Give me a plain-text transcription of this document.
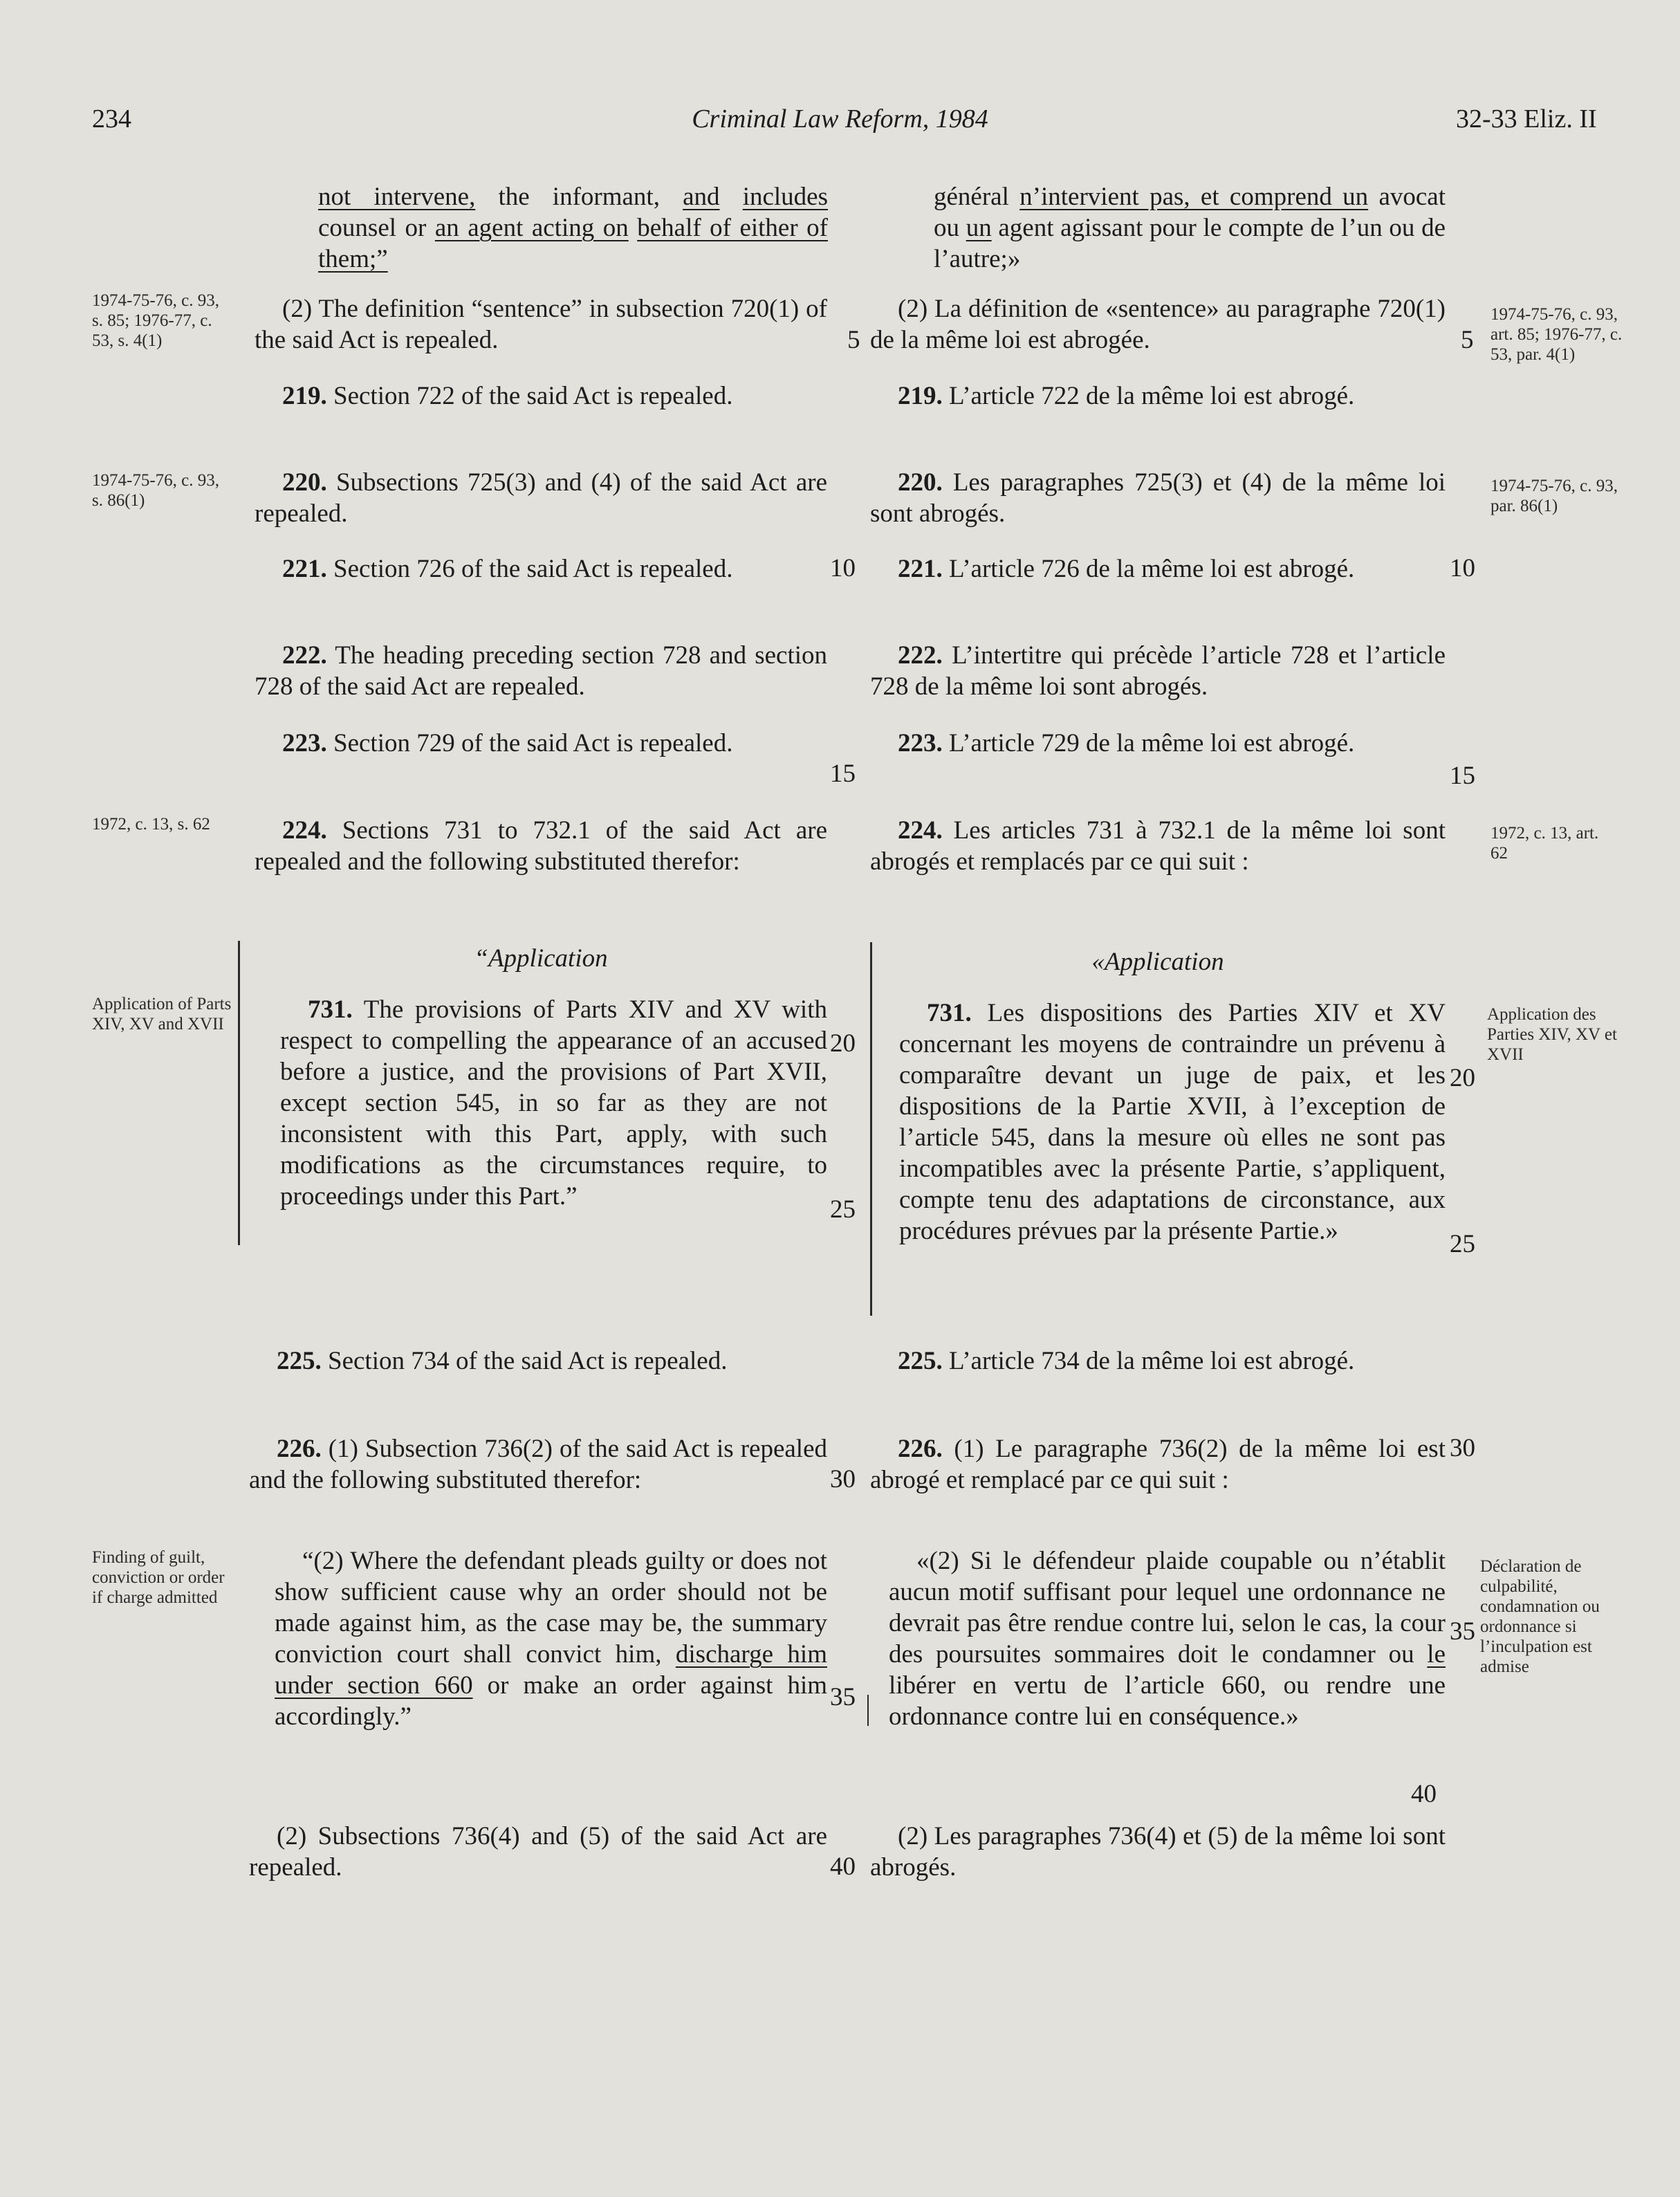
234	Criminal Law Reform, 1984	32-33 Eliz. II
not intervene, the informant, and includes counsel or an agent acting on behalf of either of them;”
(2) The definition “sentence” in subsection 720(1) of the said Act is repealed.
219. Section 722 of the said Act is repealed.
220. Subsections 725(3) and (4) of the said Act are repealed.
221. Section 726 of the said Act is repealed.
222. The heading preceding section 728 and section 728 of the said Act are repealed.
223. Section 729 of the said Act is repealed.
224. Sections 731 to 732.1 of the said Act are repealed and the following substituted therefor:
“Application
731. The provisions of Parts XIV and XV with respect to compelling the appearance of an accused before a justice, and the provisions of Part XVII, except section 545, in so far as they are not inconsistent with this Part, apply, with such modifications as the circumstances require, to proceedings under this Part.”
225. Section 734 of the said Act is repealed.
226. (1) Subsection 736(2) of the said Act is repealed and the following substituted therefor:
“(2) Where the defendant pleads guilty or does not show sufficient cause why an order should not be made against him, as the case may be, the summary conviction court shall convict him, discharge him under section 660 or make an order against him accordingly.”
(2) Subsections 736(4) and (5) of the said Act are repealed.
général n’intervient pas, et comprend un avocat ou un agent agissant pour le compte de l’un ou de l’autre;»
(2) La définition de «sentence» au paragraphe 720(1) de la même loi est abrogée.
219. L’article 722 de la même loi est abrogé.
220. Les paragraphes 725(3) et (4) de la même loi sont abrogés.
221. L’article 726 de la même loi est abrogé.
222. L’intertitre qui précède l’article 728 et l’article 728 de la même loi sont abrogés.
223. L’article 729 de la même loi est abrogé.
224. Les articles 731 à 732.1 de la même loi sont abrogés et remplacés par ce qui suit :
«Application
731. Les dispositions des Parties XIV et XV concernant les moyens de contraindre un prévenu à comparaître devant un juge de paix, et les dispositions de la Partie XVII, à l’exception de l’article 545, dans la mesure où elles ne sont pas incompatibles avec la présente Partie, s’appliquent, compte tenu des adaptations de circonstance, aux procédures prévues par la présente Partie.»
225. L’article 734 de la même loi est abrogé.
226. (1) Le paragraphe 736(2) de la même loi est abrogé et remplacé par ce qui suit :
«(2) Si le défendeur plaide coupable ou n’établit aucun motif suffisant pour lequel une ordonnance ne devrait pas être rendue contre lui, selon le cas, la cour des poursuites sommaires doit le condamner ou le libérer en vertu de l’article 660, ou rendre une ordonnance contre lui en conséquence.»
(2) Les paragraphes 736(4) et (5) de la même loi sont abrogés.
5
10
15
20
25
30
35
40
5
10
15
20
25
30
35
40
1974-75-76, c. 93, s. 85; 1976-77, c. 53, s. 4(1)
1974-75-76, c. 93, s. 86(1)
1972, c. 13, s. 62
Application of Parts XIV, XV and XVII
Finding of guilt, conviction or order if charge admitted
1974-75-76, c. 93, art. 85; 1976-77, c. 53, par. 4(1)
1974-75-76, c. 93, par. 86(1)
1972, c. 13, art. 62
Application des Parties XIV, XV et XVII
Déclaration de culpabilité, condamnation ou ordonnance si l’inculpation est admise
